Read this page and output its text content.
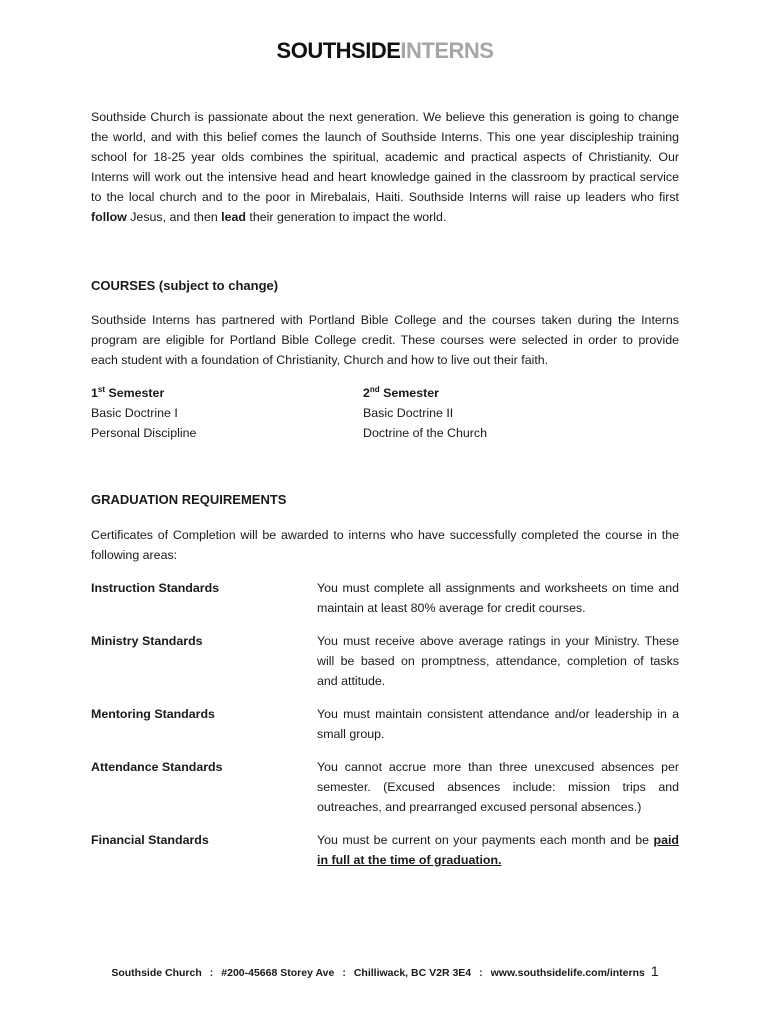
SOUTHSIDEINTERNS
Southside Church is passionate about the next generation. We believe this generation is going to change the world, and with this belief comes the launch of Southside Interns. This one year discipleship training school for 18-25 year olds combines the spiritual, academic and practical aspects of Christianity. Our Interns will work out the intensive head and heart knowledge gained in the classroom by practical service to the local church and to the poor in Mirebalais, Haiti. Southside Interns will raise up leaders who first follow Jesus, and then lead their generation to impact the world.
COURSES (subject to change)
Southside Interns has partnered with Portland Bible College and the courses taken during the Interns program are eligible for Portland Bible College credit. These courses were selected in order to provide each student with a foundation of Christianity, Church and how to live out their faith.
1st Semester
Basic Doctrine I
Personal Discipline
2nd Semester
Basic Doctrine II
Doctrine of the Church
GRADUATION REQUIREMENTS
Certificates of Completion will be awarded to interns who have successfully completed the course in the following areas:
Instruction Standards	You must complete all assignments and worksheets on time and maintain at least 80% average for credit courses.
Ministry Standards	You must receive above average ratings in your Ministry. These will be based on promptness, attendance, completion of tasks and attitude.
Mentoring Standards	You must maintain consistent attendance and/or leadership in a small group.
Attendance Standards	You cannot accrue more than three unexcused absences per semester. (Excused absences include: mission trips and outreaches, and prearranged excused personal absences.)
Financial Standards	You must be current on your payments each month and be paid in full at the time of graduation.
Southside Church : #200-45668 Storey Ave : Chilliwack, BC V2R 3E4 : www.southsidelife.com/interns 1
